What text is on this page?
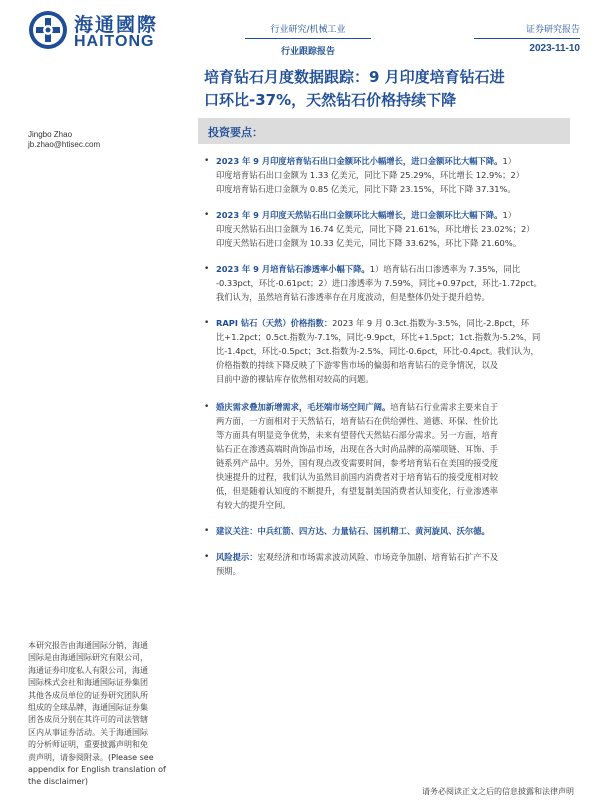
海通國際
HAITONG
行业研究/机械工业
行业跟踪报告
证券研究报告
2023-11-10
培育钻石月度数据跟踪：9 月印度培育钻石进
口环比-37%，天然钻石价格持续下降
Jingbo Zhao
jb.zhao@htisec.com
投资要点：
• 2023 年 9 月印度培育钻石出口金额环比小幅增长，进口金额环比大幅下降。1）
印度培育钻石出口金额为 1.33 亿美元，同比下降 25.29%，环比增长 12.9%；2）
印度培育钻石进口金额为 0.85 亿美元，同比下降 23.15%，环比下降 37.31%。
• 2023 年 9 月印度天然钻石出口金额环比大幅增长，进口金额环比大幅下降。1）
印度天然钻石出口金额为 16.74 亿美元，同比下降 21.61%，环比增长 23.02%；2）
印度天然钻石进口金额为 10.33 亿美元，同比下降 33.62%，环比下降 21.60%。
• 2023 年 9 月培育钻石渗透率小幅下降。1）培育钻石出口渗透率为 7.35%，同比
-0.33pct，环比-0.61pct；2）进口渗透率为 7.59%，同比+0.97pct，环比-1.72pct。
我们认为，虽然培育钻石渗透率存在月度波动，但是整体仍处于提升趋势。
• RAPI 钻石（天然）价格指数：2023 年 9 月 0.3ct.指数为-3.5%，同比-2.8pct，环
比+1.2pct；0.5ct.指数为-7.1%，同比-9.9pct，环比+1.5pct；1ct.指数为-5.2%，同
比-1.4pct，环比-0.5pct；3ct.指数为-2.5%，同比-0.6pct，环比-0.4pct。我们认为，
价格指数的持续下降反映了下游零售市场的偏弱和培育钻石的竞争情况，以及
目前中游的裸钻库存依然相对较高的问题。
• 婚庆需求叠加新增需求，毛坯端市场空间广阔。培育钻石行业需求主要来自于
两方面，一方面相对于天然钻石，培育钻石在供给弹性、道德、环保、性价比
等方面具有明显竞争优势，未来有望替代天然钻石部分需求。另一方面，培育
钻石正在渗透高端时尚饰品市场，出现在各大时尚品牌的高端项链、耳饰、手
链系列产品中。另外，国有现点改变需要时间，参考培育钻石在美国的接受度
快速提升的过程，我们认为虽然目前国内消费者对于培育钻石的接受度相对较
低，但是随着认知度的不断提升，有望复制美国消费者认知变化，行业渗透率
有较大的提升空间。
• 建议关注：中兵红箭、四方达、力量钻石、国机精工、黄河旋风、沃尔德。
• 风险提示：宏观经济和市场需求波动风险、市场竞争加剧、培育钻石扩产不及
预期。
本研究报告由海通国际分销，海通
国际是由海通国际研究有限公司，
海通证券印度私人有限公司，海通
国际株式会社和海通国际证券集团
其他各成员单位的证券研究团队所
组成的全球品牌，海通国际证券集
团各成员分别在其许可的司法管辖
区内从事证券活动。关于海通国际
的分析师证明，重要披露声明和免
责声明，请参阅附录。(Please see
appendix for English translation of
the disclaimer)
请务必阅读正文之后的信息披露和法律声明
